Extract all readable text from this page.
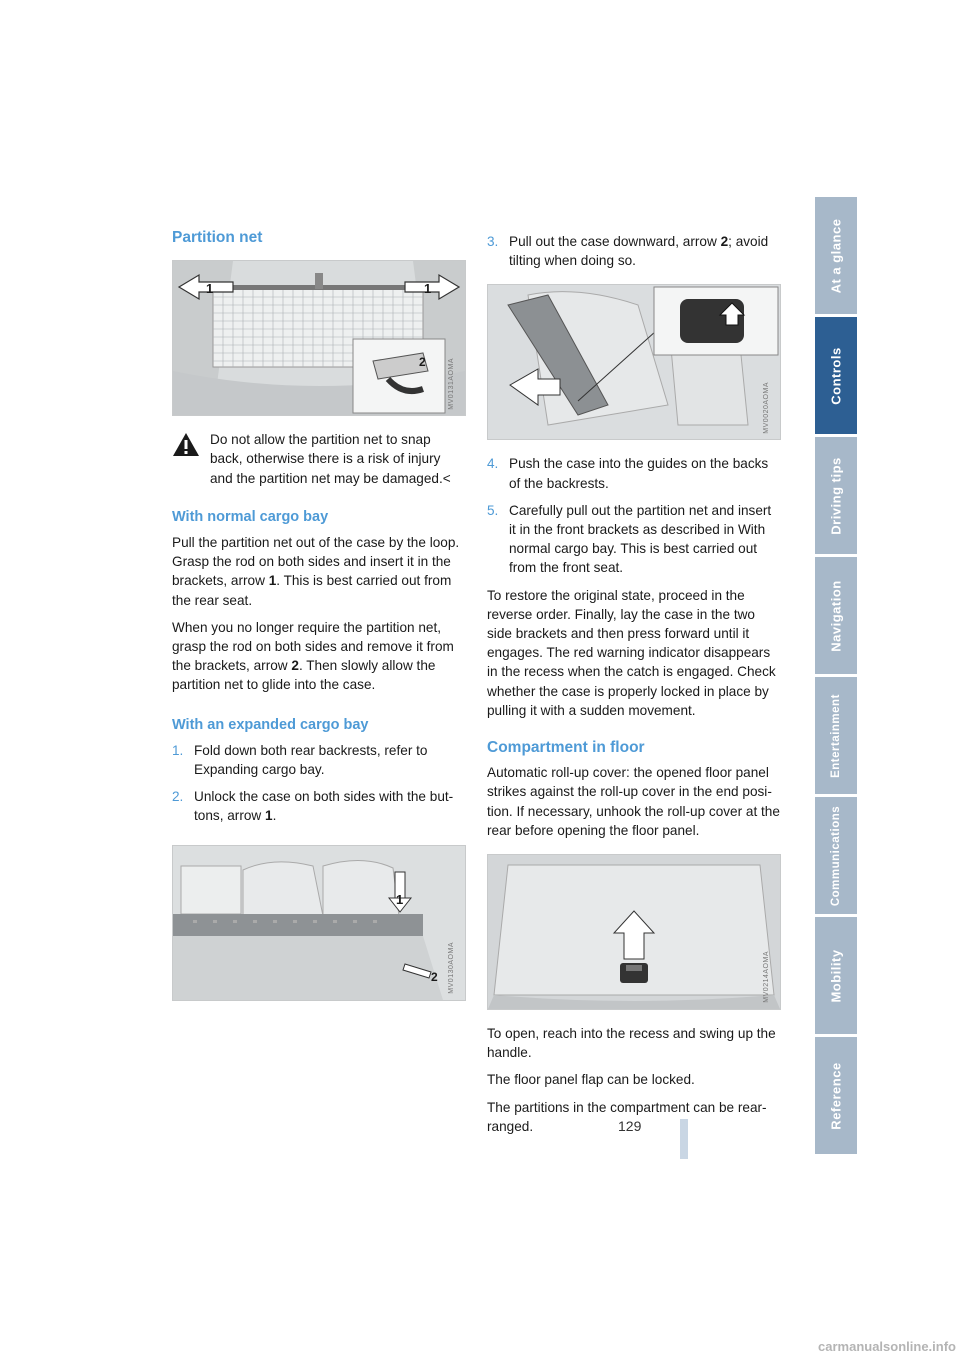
Partition net
1	1
2	MV0131AOMA

Do not allow the partition net to snap back, otherwise there is a risk of injury and the partition net may be damaged.<

With normal cargo bay

Pull the partition net out of the case by the loop. Grasp the rod on both sides and insert it in the brackets, arrow 1. This is best carried out from the rear seat.

When you no longer require the partition net, grasp the rod on both sides and remove it from the brackets, arrow 2. Then slowly allow the partition net to glide into the case.

With an expanded cargo bay
1. Fold down both rear backrests, refer to Expanding cargo bay.
2. Unlock the case on both sides with the but-tons, arrow 1.
1
2	MV0130AOMA
3. Pull out the case downward, arrow 2; avoid tilting when doing so.
MV0020AOMA
4. Push the case into the guides on the backs of the backrests.
5. Carefully pull out the partition net and insert it in the front brackets as described in With normal cargo bay. This is best carried out from the front seat.

To restore the original state, proceed in the reverse order. Finally, lay the case in the two side brackets and then press forward until it engages. The red warning indicator disappears in the recess when the catch is engaged. Check whether the case is properly locked in place by pulling it with a sudden movement.

Compartment in floor

Automatic roll-up cover: the opened floor panel strikes against the roll-up cover in the end posi-tion. If necessary, unhook the roll-up cover at the rear before opening the floor panel.

MV0214AOMA

To open, reach into the recess and swing up the handle.

The floor panel flap can be locked.

The partitions in the compartment can be rear-ranged.

At a glance
Controls
Driving tips
Navigation
Entertainment
Communications
Mobility
Reference
129
carmanualsonline.info
